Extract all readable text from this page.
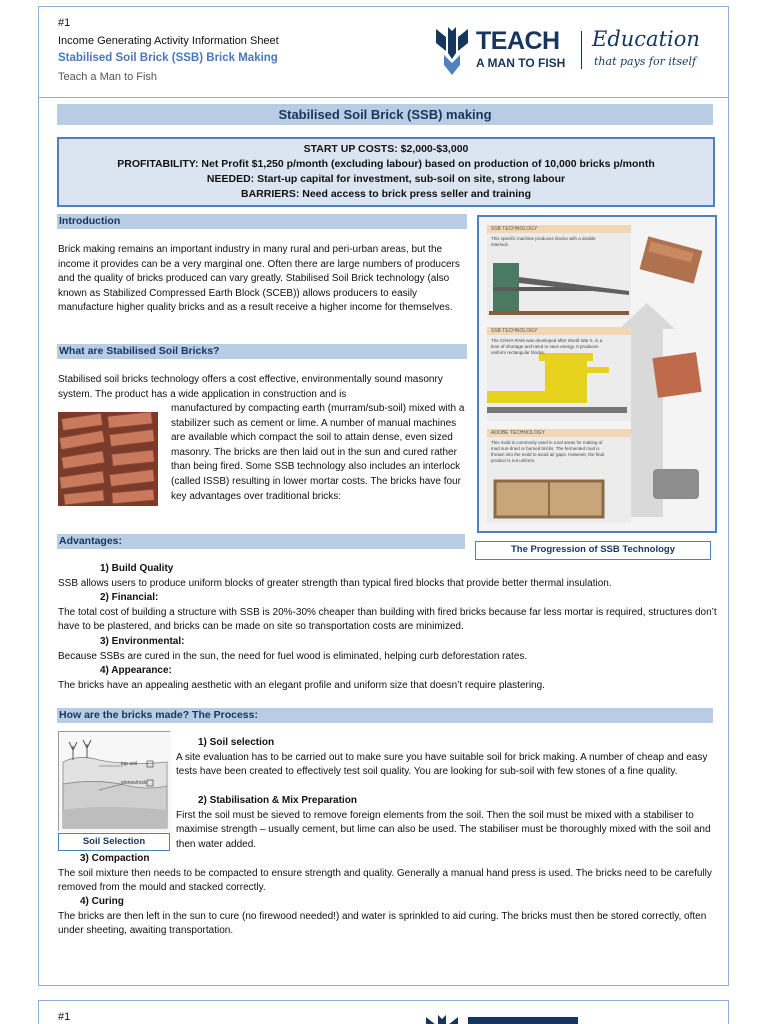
#1
Income Generating Activity Information Sheet
Stabilised Soil Brick (SSB) Brick Making
Teach a Man to Fish
TEACH
A MAN TO FISH
Education
that pays for itself
Stabilised Soil Brick (SSB) making
START UP COSTS: $2,000-$3,000
PROFITABILITY: Net Profit $1,250 p/month (excluding labour) based on production of 10,000 bricks p/month
NEEDED: Start-up capital for investment, sub-soil on site, strong labour
BARRIERS: Need access to brick press seller and training
Introduction
Brick making remains an important industry in many rural and peri-urban areas, but the income it provides can be a very marginal one. Often there are large numbers of producers and the quality of bricks produced can vary greatly. Stabilised Soil Brick technology (also known as Stabilized Compressed Earth Block (SCEB)) allows producers to easily manufacture higher quality bricks and as a result receive a higher income for themselves.
What are Stabilised Soil Bricks?
Stabilised soil bricks technology offers a cost effective, environmentally sound masonry system. The product has a wide application in construction and is
manufactured by compacting earth (murram/sub-soil) mixed with a stabilizer such as cement or lime. A number of manual machines are available which compact the soil to attain dense, even sized masonry. The bricks are then laid out in the sun and cured rather than being fired. Some SSB technology also includes an interlock (called ISSB) resulting in lower mortar costs. The bricks have four key advantages over traditional bricks:
SSB TECHNOLOGY
This specific machine produces blocks with a double interlock.
SSB TECHNOLOGY
The CINVA-RAM was developed after World War II, in a time of shortage and need to save energy. It produces uniform rectangular blocks.
ADOBE TECHNOLOGY
This mold is commonly used in rural areas for making of mud sun-dried or burned bricks. The fermented mud is thrown into the mold to avoid air gaps. However, the final product is not uniform.
The Progression of SSB Technology
Advantages:
1) Build Quality
SSB allows users to produce uniform blocks of greater strength than typical fired blocks that provide better thermal insulation.
2) Financial:
The total cost of building a structure with SSB is 20%-30% cheaper than building with fired bricks because far less mortar is required, structures don’t have to be plastered, and bricks can be made on site so transportation costs are minimized.
3) Environmental:
Because SSBs are cured in the sun, the need for fuel wood is eliminated, helping curb deforestation rates.
4) Appearance:
The bricks have an appealing aesthetic with an elegant profile and uniform size that doesn’t require plastering.
How are the bricks made? The Process:
top soil
stones/rock
Soil Selection
1) Soil selection
A site evaluation has to be carried out to make sure you have suitable soil for brick making. A number of cheap and easy tests have been created to effectively test soil quality. You are looking for sub-soil with few stones of a fine quality.
2) Stabilisation & Mix Preparation
First the soil must be sieved to remove foreign elements from the soil. Then the soil must be mixed with a stabiliser to maximise strength – usually cement, but lime can also be used. The stabiliser must be thoroughly mixed with the soil and then water added.
3) Compaction
The soil mixture then needs to be compacted to ensure strength and quality. Generally a manual hand press is used. The bricks need to be carefully removed from the mould and stacked correctly.
4) Curing
The bricks are then left in the sun to cure (no firewood needed!) and water is sprinkled to aid curing. The bricks must then be stored correctly, often under sheeting, awaiting transportation.
#1
